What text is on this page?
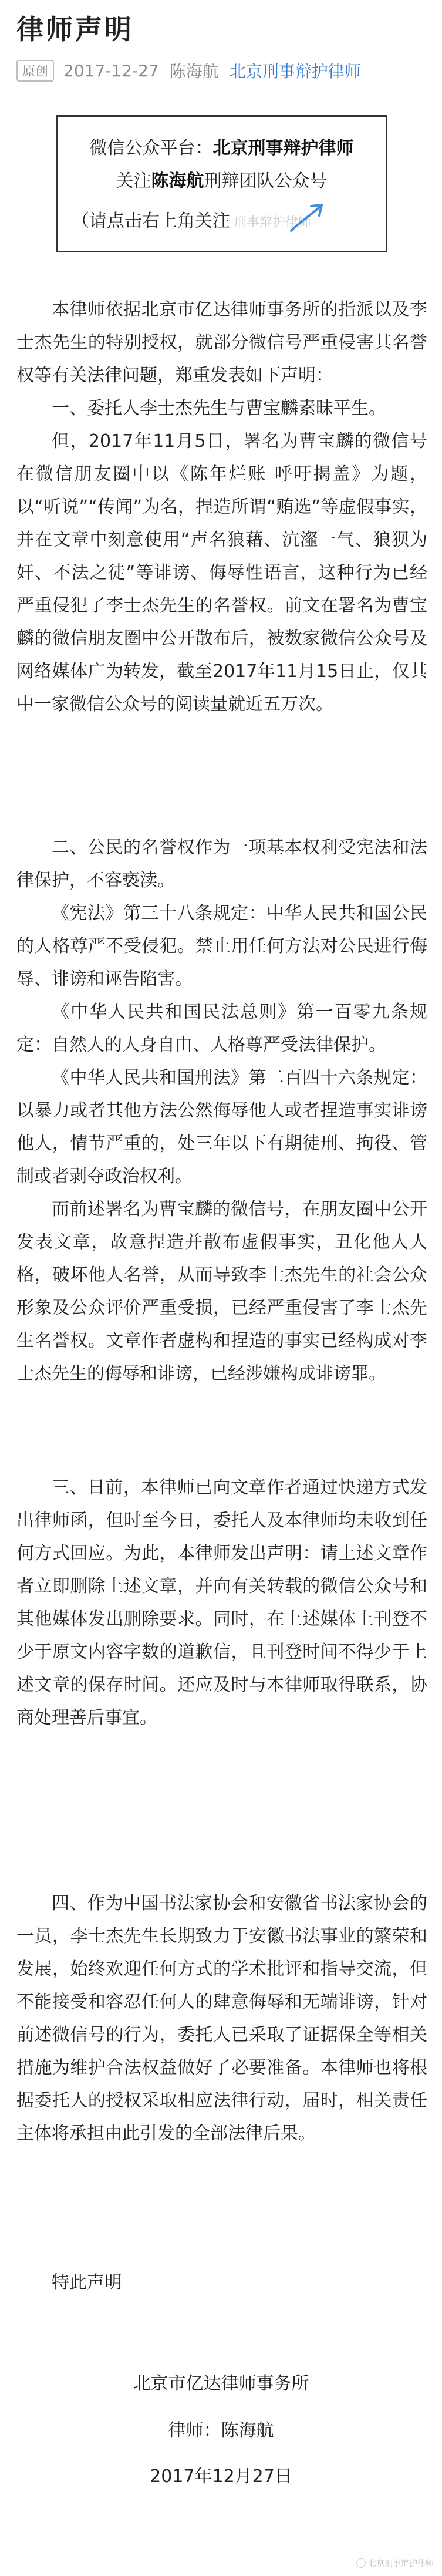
律师声明
原创 2017-12-27 陈海航 北京刑事辩护律师
微信公众平台：北京刑事辩护律师
关注陈海航刑辩团队公众号
（请点击右上角关注 刑事辩护律师

本律师依据北京市亿达律师事务所的指派以及李士杰先生的特别授权，就部分微信号严重侵害其名誉权等有关法律问题，郑重发表如下声明：

一、委托人李士杰先生与曹宝麟素昧平生。

但，2017年11月5日，署名为曹宝麟的微信号在微信朋友圈中以《陈年烂账 呼吁揭盖》为题，以“听说”“传闻”为名，捏造所谓“贿选”等虚假事实，并在文章中刻意使用“声名狼藉、沆瀣一气、狼狈为奸、不法之徒”等诽谤、侮辱性语言，这种行为已经严重侵犯了李士杰先生的名誉权。前文在署名为曹宝麟的微信朋友圈中公开散布后，被数家微信公众号及网络媒体广为转发，截至2017年11月15日止，仅其中一家微信公众号的阅读量就近五万次。

二、公民的名誉权作为一项基本权利受宪法和法律保护，不容亵渎。

《宪法》第三十八条规定：中华人民共和国公民的人格尊严不受侵犯。禁止用任何方法对公民进行侮辱、诽谤和诬告陷害。

《中华人民共和国民法总则》第一百零九条规定：自然人的人身自由、人格尊严受法律保护。

《中华人民共和国刑法》第二百四十六条规定：以暴力或者其他方法公然侮辱他人或者捏造事实诽谤他人，情节严重的，处三年以下有期徒刑、拘役、管制或者剥夺政治权利。

而前述署名为曹宝麟的微信号，在朋友圈中公开发表文章，故意捏造并散布虚假事实，丑化他人人格，破坏他人名誉，从而导致李士杰先生的社会公众形象及公众评价严重受损，已经严重侵害了李士杰先生名誉权。文章作者虚构和捏造的事实已经构成对李士杰先生的侮辱和诽谤，已经涉嫌构成诽谤罪。

三、日前，本律师已向文章作者通过快递方式发出律师函，但时至今日，委托人及本律师均未收到任何方式回应。为此，本律师发出声明：请上述文章作者立即删除上述文章，并向有关转载的微信公众号和其他媒体发出删除要求。同时，在上述媒体上刊登不少于原文内容字数的道歉信，且刊登时间不得少于上述文章的保存时间。还应及时与本律师取得联系，协商处理善后事宜。

四、作为中国书法家协会和安徽省书法家协会的一员，李士杰先生长期致力于安徽书法事业的繁荣和发展，始终欢迎任何方式的学术批评和指导交流，但不能接受和容忍任何人的肆意侮辱和无端诽谤，针对前述微信号的行为，委托人已采取了证据保全等相关措施为维护合法权益做好了必要准备。本律师也将根据委托人的授权采取相应法律行动，届时，相关责任主体将承担由此引发的全部法律后果。

特此声明

北京市亿达律师事务所
律师：陈海航
2017年12月27日
北京刑事辩护律师
